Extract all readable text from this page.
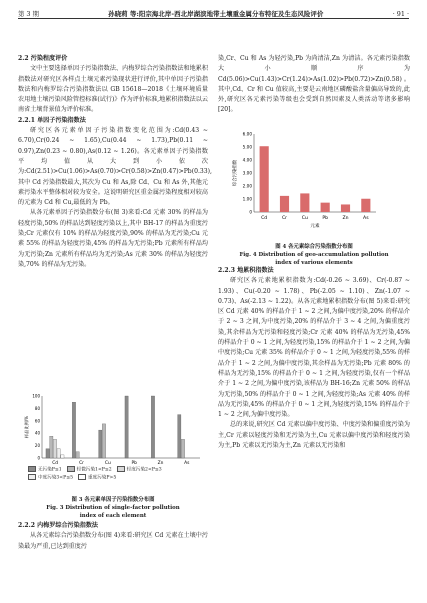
第 3 期	孙晓莉 等:阳宗海北岸-西北岸湖滨地带土壤重金属分布特征及生态风险评价	· 91 ·

2.2 污染程度评价

文中主要选择单因子污染指数法、内梅罗综合污染指数法和地累积指数法对研究区各样点土壤元素污染现状进行评价,其中单因子污染指数法和内梅罗综合污染指数法以 GB 15618—2018《土壤环境质量 农用地土壤污染风险管控标准(试行)》作为评价标准,地累积指数法以云南省土壤背景值为评价标准。

2.2.1 单因子污染指数法

研究区各元素单因子污染指数变化范围为:Cd(0.43 ~ 6.70),Cr(0.24 ~ 1.65),Cu(0.44 ~ 1.73),Pb(0.11 ~ 0.97),Zn(0.23 ~ 0.80),As(0.12 ~ 1.26)。各元素单因子污染指数平均值从大到小依次为:Cd(2.51)>Cu(1.06)>As(0.70)>Cr(0.58)>Zn(0.47)>Pb(0.33),其中 Cd 污染指数最大,其次为 Cu 和 As,除 Cd、Cu 和 As 外,其他元素污染水平整体相对较为安全。这说明研究区重金属污染程度相对较高的元素为 Cd 和 Cu,最低的为 Pb。

从各元素单因子污染指数分布(图 3)来看:Cd 元素 30% 的样品为轻度污染,50% 的样品达到轻度污染以上,其中 BH-17 的样品为重度污染;Cr 元素仅有 10% 的样品为轻度污染,90% 的样品为无污染;Cu 元素 55% 的样品为轻度污染,45% 的样品为无污染;Pb 元素所有样品均为无污染;Zn 元素所有样品均为无污染;As 元素 30% 的样品为轻度污染,70% 的样品为无污染。

0
20
40
60
80
100
样品比例/%
Cd	Cr	Cu	Pb	Zn	As
无污染P≤1	轻微污染1<P≤2	轻度污染2<P≤3
中度污染3<P≤5	重度污染P>5
图 3 各元素单因子污染指数分布图
Fig. 3 Distribution of single-factor pollution
index of each element

2.2.2 内梅罗综合污染指数法

从各元素综合污染指数分布(图 4)来看:研究区 Cd 元素在土壤中污染最为严重,已达到重度污

染,Cr、Cu 和 As 为轻污染,Pb 为尚清洁,Zn 为清洁。各元素污染指数大小顺序为 Cd(5.06)>Cu(1.43)>Cr(1.24)>As(1.02)>Pb(0.72)>Zn(0.58)。其中,Cd、Cr 和 Cu 值较高,主要是云南地区磷酸盐含量偏高导致的,此外,研究区各元素污染等级也会受到自然因素及人类活动等诸多影响[20]。

0
1.00
2.00
3.00
4.00
5.00
6.00
综合污染指数
Cd	Cr	Cu	Pb	Zn	As
元素
图 4 各元素综合污染指数分布图
Fig. 4 Distribution of geo-accumulation pollution
index of various elements

2.2.3 地累积指数法

研究区各元素地累积指数为:Cd(-0.26 ~ 3.69)、Cr(-0.87 ~ 1.93)、Cu(-0.20 ~ 1.78)、Pb(-2.05 ~ 1.10)、Zn(-1.07 ~ 0.73)、As(-2.13 ~ 1.22)。从各元素地累积指数分布(图 5)来看:研究区 Cd 元素 40% 的样品介于 1 ~ 2 之间,为偏中度污染,20% 的样品介于 2 ~ 3 之间,为中度污染,20% 的样品介于 3 ~ 4 之间,为偏重度污染,其余样品为无污染和轻度污染;Cr 元素 40% 的样品为无污染,45% 的样品介于 0 ~ 1 之间,为轻度污染,15% 的样品介于 1 ~ 2 之间,为偏中度污染;Cu 元素 35% 的样品介于 0 ~ 1 之间,为轻度污染,55% 的样品介于 1 ~ 2 之间,为偏中度污染,其余样品为无污染;Pb 元素 80% 的样品为无污染,15% 的样品介于 0 ~ 1 之间,为轻度污染,仅有一个样品介于 1 ~ 2 之间,为偏中度污染,该样品为 BH-16;Zn 元素 50% 的样品为无污染,50% 的样品介于 0 ~ 1 之间,为轻度污染;As 元素 40% 的样品为无污染,45% 的样品介于 0 ~ 1 之间,为轻度污染,15% 的样品介于 1 ~ 2 之间,为偏中度污染。

总的来说,研究区 Cd 元素以偏中度污染、中度污染和偏重度污染为主,Cr 元素以轻度污染和无污染为主,Cu 元素以偏中度污染和轻度污染为主,Pb 元素以无污染为主,Zn 元素以无污染和
